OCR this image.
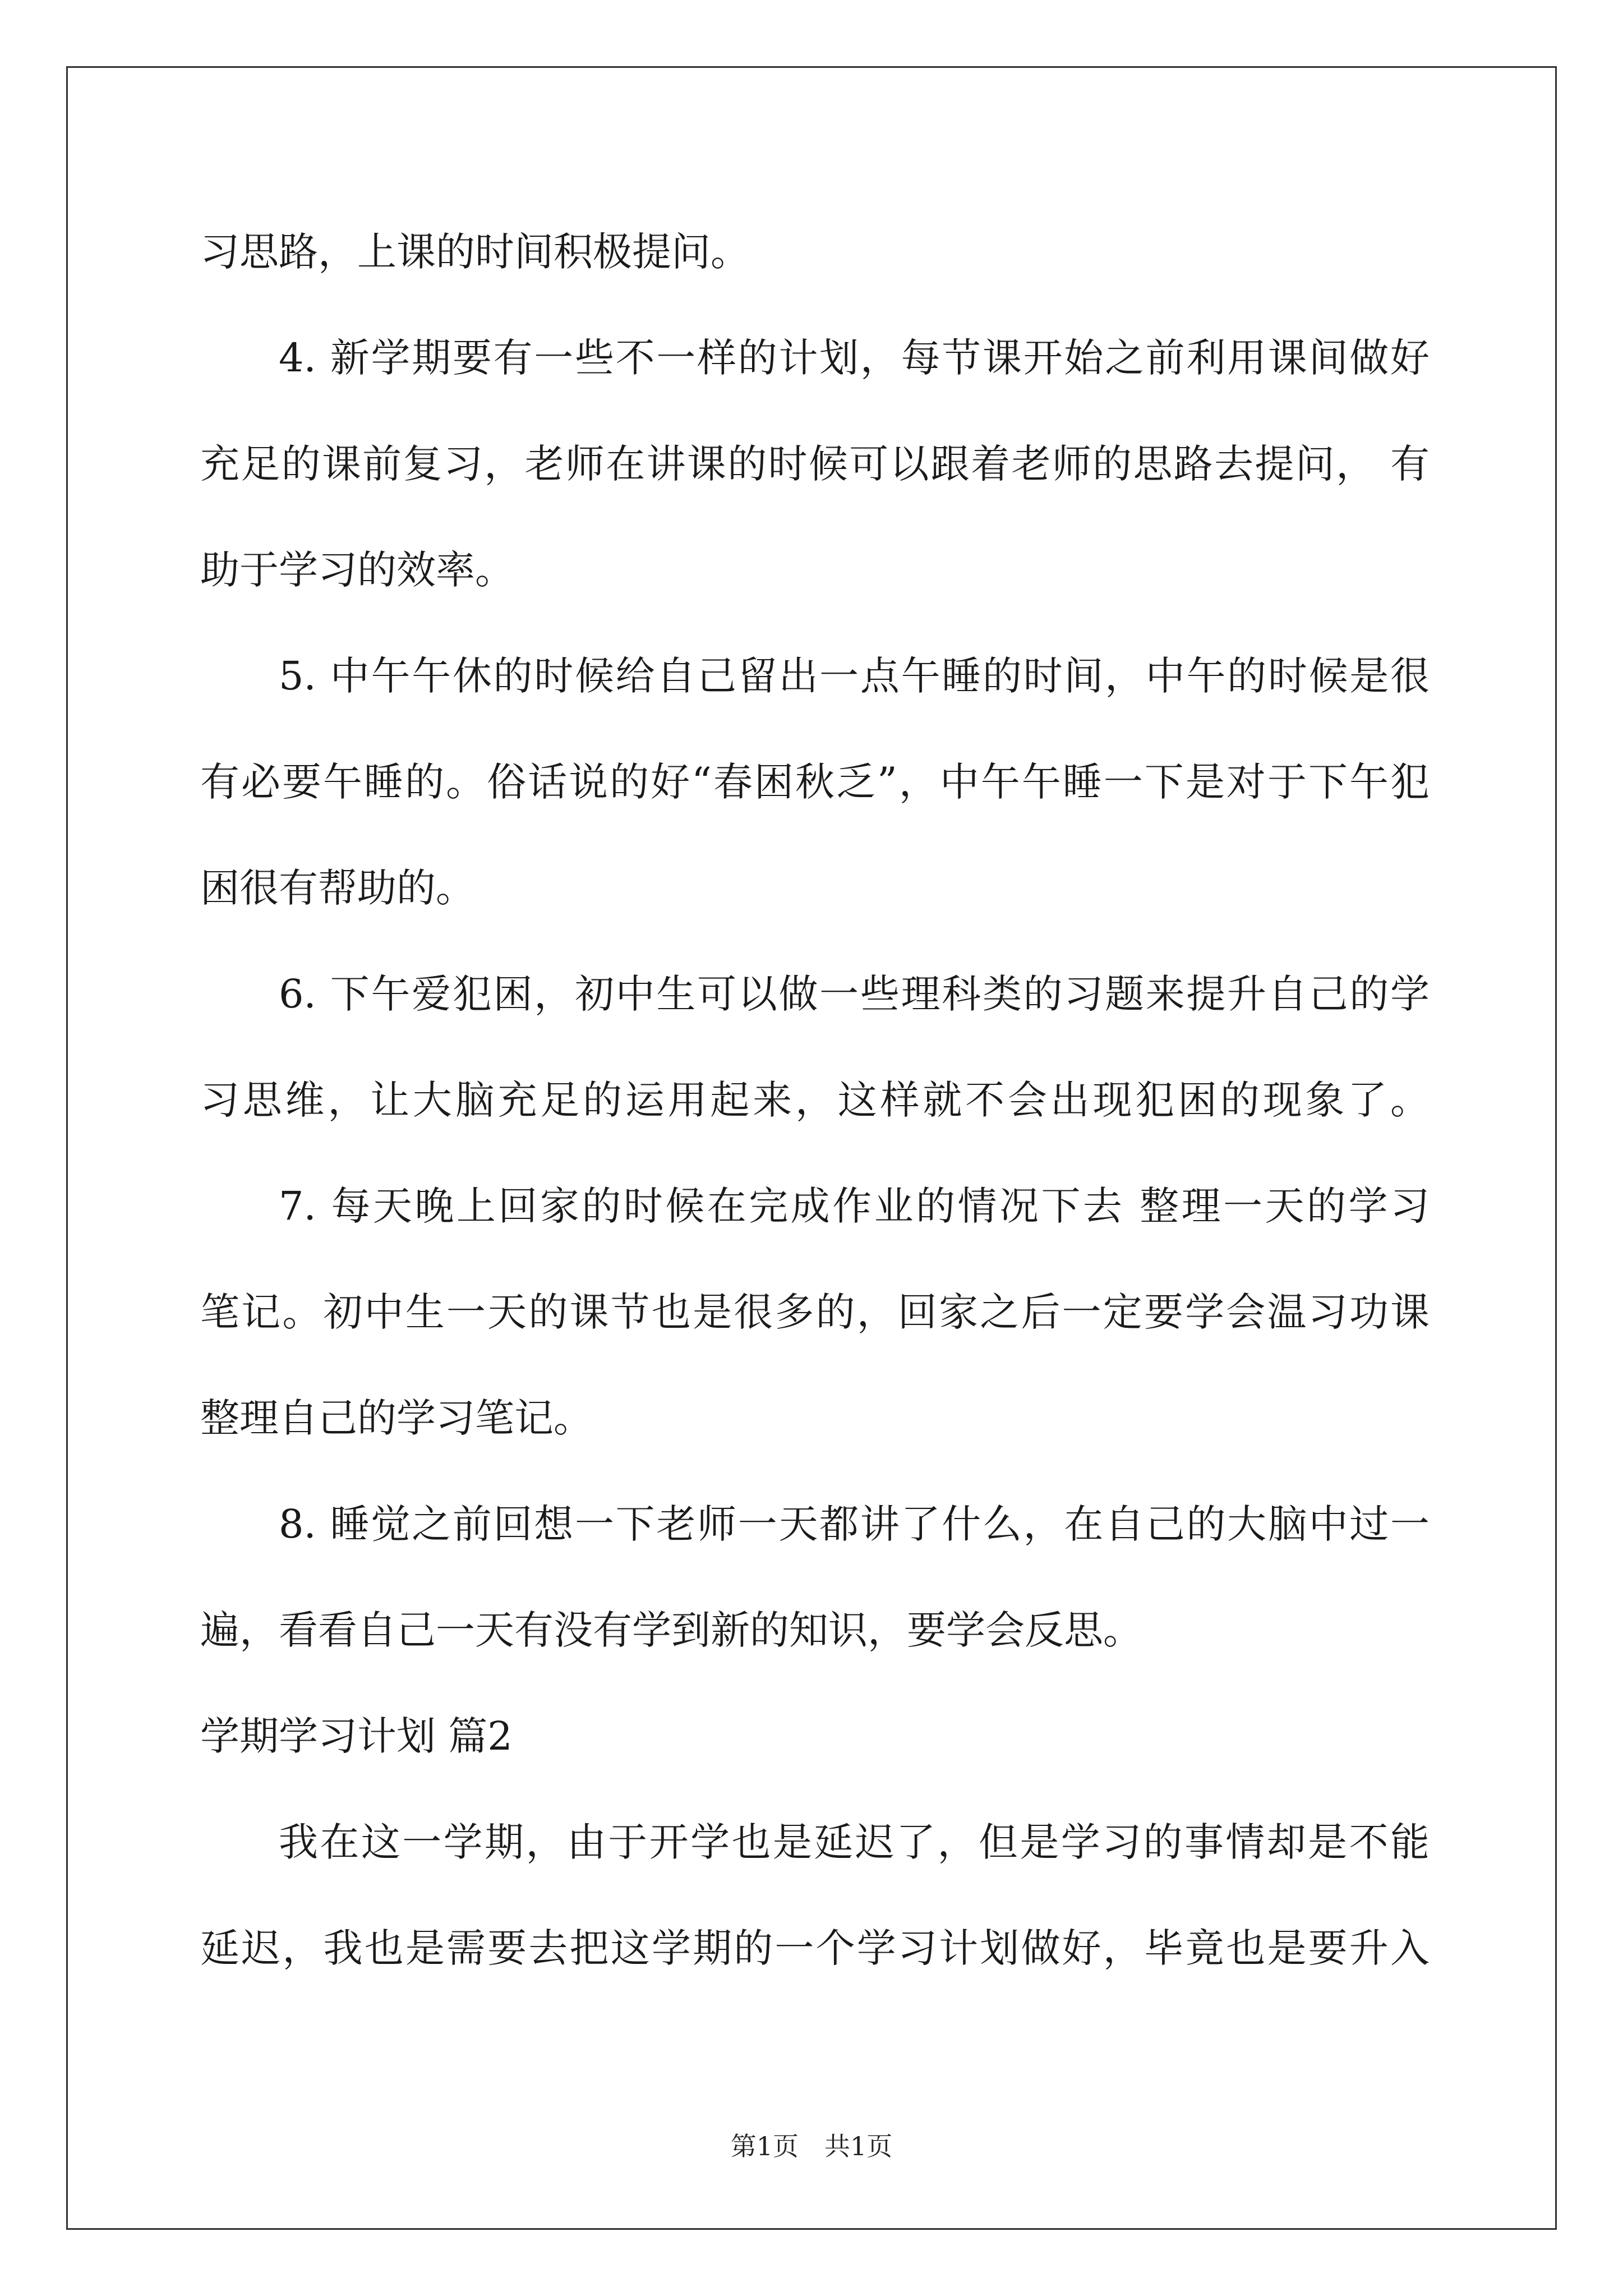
习思路，上课的时间积极提问。
4. 新学期要有一些不一样的计划，每节课开始之前利用课间做好
充足的课前复习，老师在讲课的时候可以跟着老师的思路去提问， 有
助于学习的效率。
5. 中午午休的时候给自己留出一点午睡的时间，中午的时候是很
有必要午睡的。俗话说的好“春困秋乏”，中午午睡一下是对于下午犯
困很有帮助的。
6. 下午爱犯困，初中生可以做一些理科类的习题来提升自己的学
习思维，让大脑充足的运用起来，这样就不会出现犯困的现象了。
7. 每天晚上回家的时候在完成作业的情况下去 整理一天的学习
笔记。初中生一天的课节也是很多的，回家之后一定要学会温习功课
整理自己的学习笔记。
8. 睡觉之前回想一下老师一天都讲了什么，在自己的大脑中过一
遍，看看自己一天有没有学到新的知识，要学会反思。
学期学习计划 篇2
我在这一学期，由于开学也是延迟了，但是学习的事情却是不能
延迟，我也是需要去把这学期的一个学习计划做好，毕竟也是要升入
第1页　共1页
